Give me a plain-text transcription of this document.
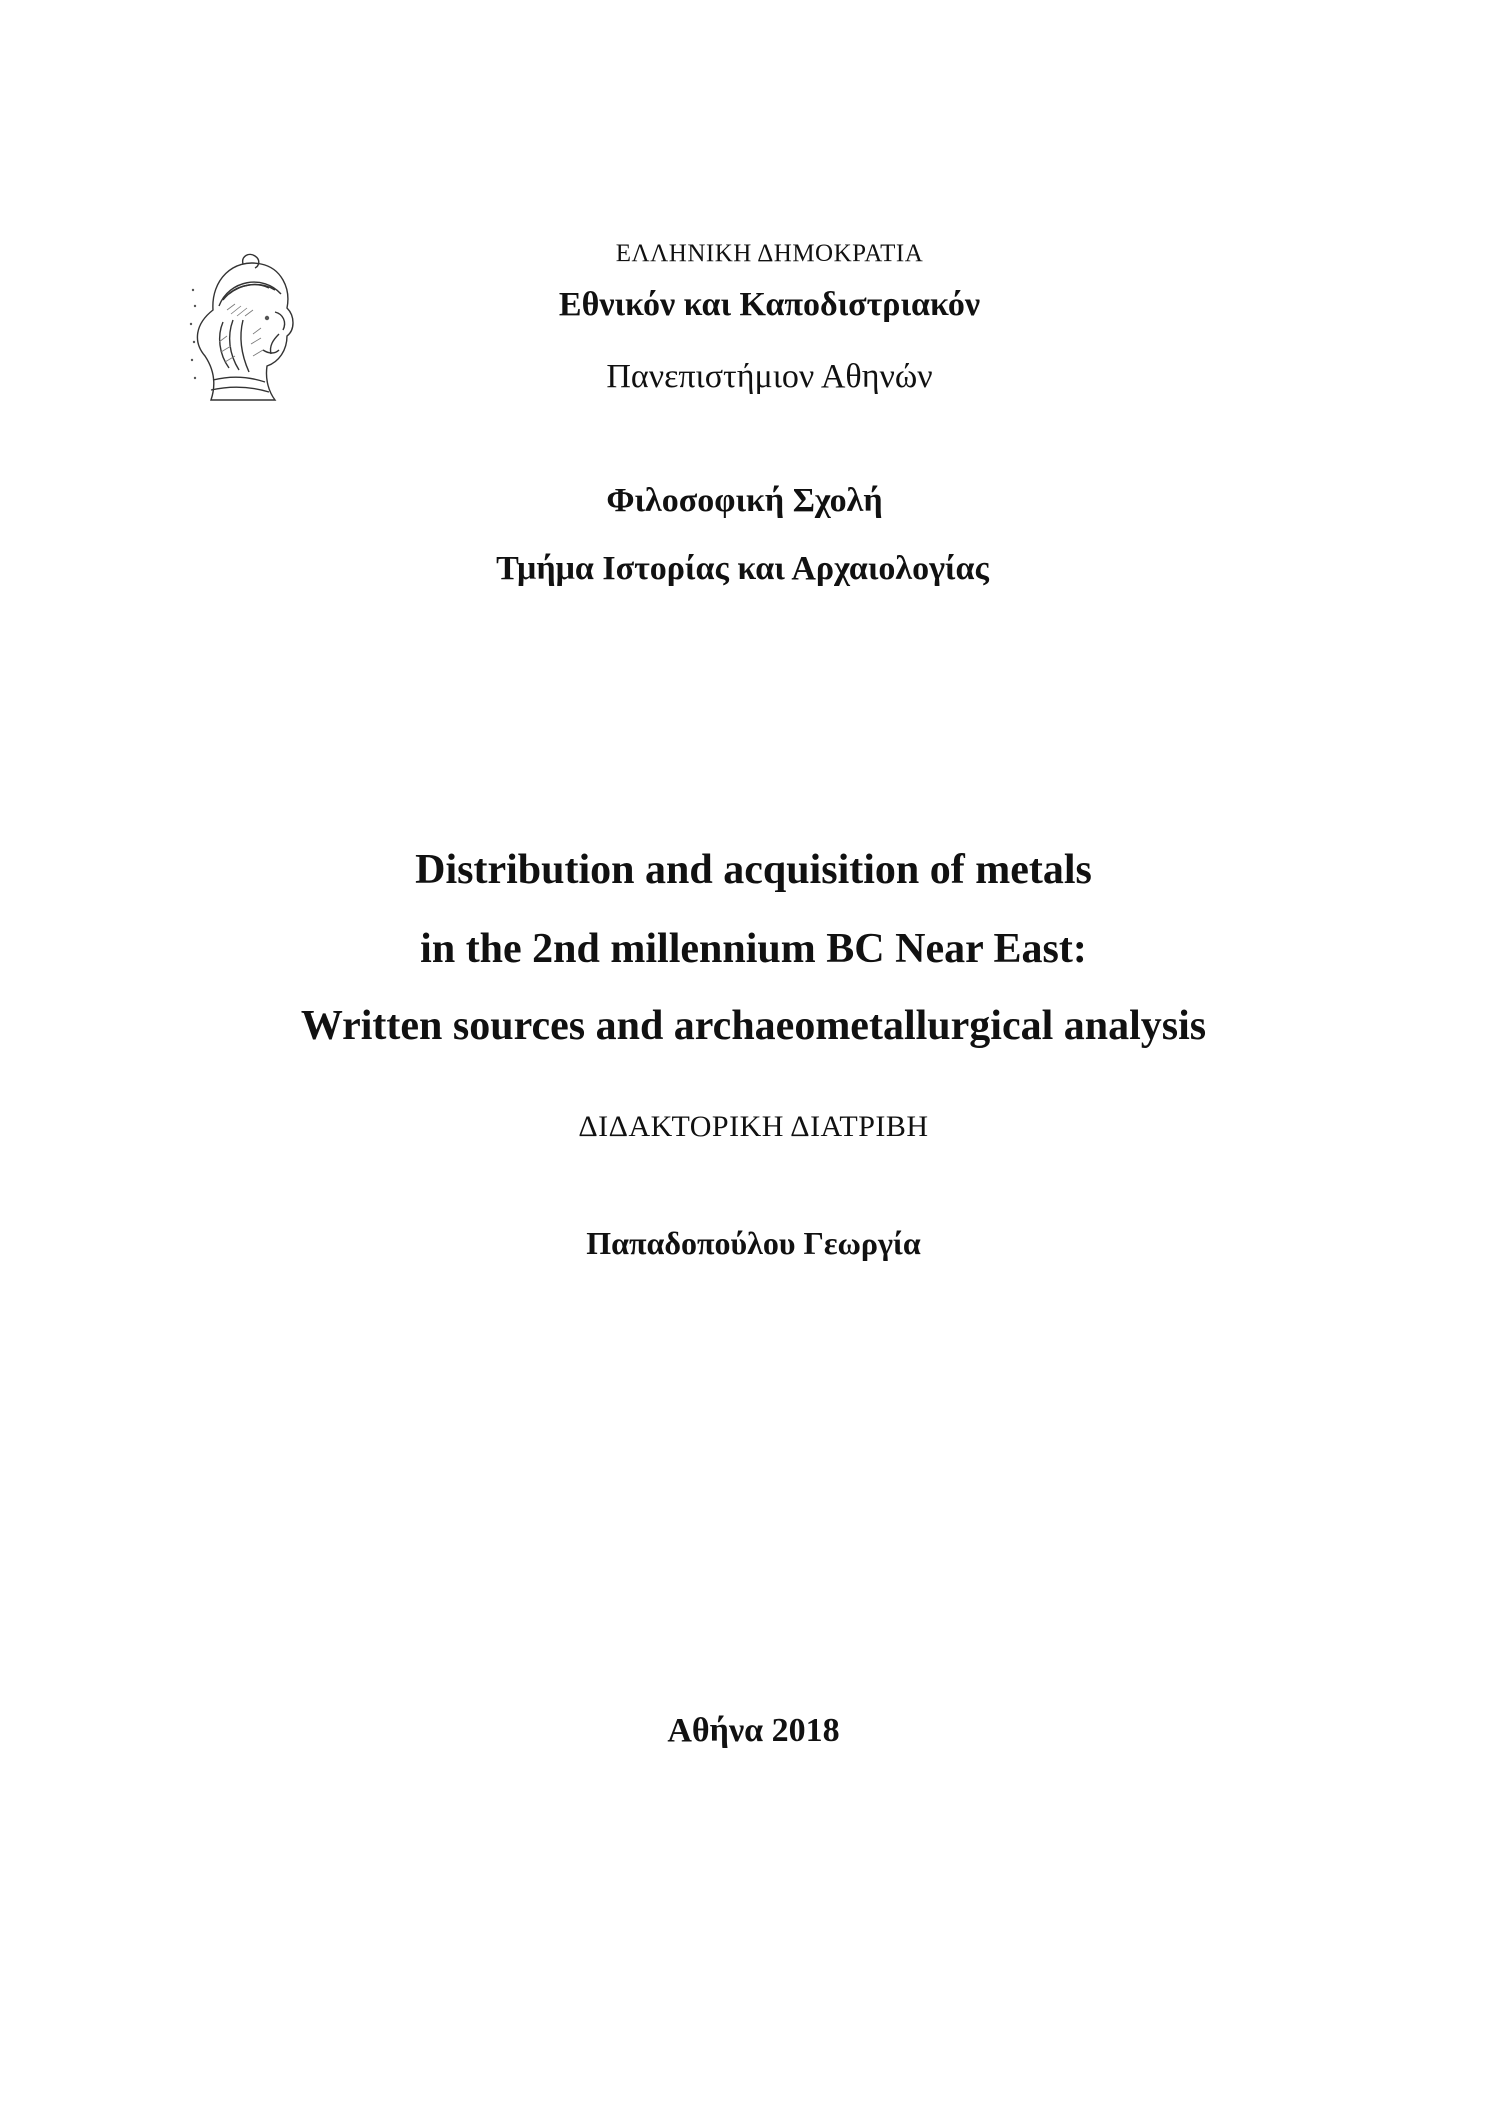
ΕΛΛΗΝΙΚΗ ΔΗΜΟΚΡΑΤΙΑ
Εθνικόν και Καποδιστριακόν
Πανεπιστήμιον Αθηνών
Φιλοσοφική Σχολή
Τμήμα Ιστορίας και Αρχαιολογίας
Distribution and acquisition of metals
in the 2nd millennium BC Near East:
Written sources and archaeometallurgical analysis
ΔΙΔΑΚΤΟΡΙΚΗ ΔΙΑΤΡΙΒΗ
Παπαδοπούλου Γεωργία
Αθήνα 2018
